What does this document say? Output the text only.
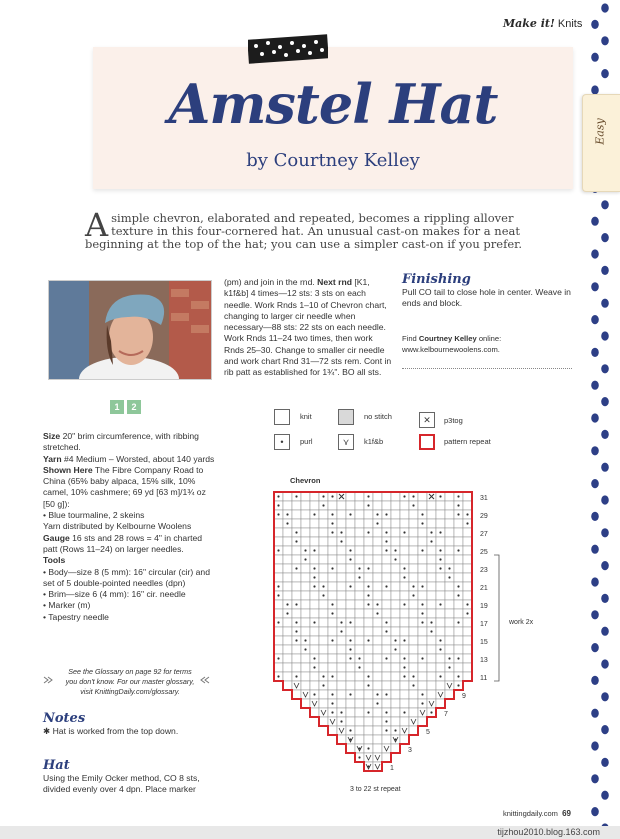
Make it! Knits
Easy
Amstel Hat
by Courtney Kelley
A simple chevron, elaborated and repeated, becomes a rippling allover texture in this four-cornered hat. An unusual cast-on makes for a neat beginning at the top of the hat; you can use a simpler cast-on if you prefer.
(pm) and join in the rnd. Next rnd [K1, k1f&b] 4 times—12 sts: 3 sts on each needle. Work Rnds 1–10 of Chevron chart, changing to larger cir needle when necessary—88 sts: 22 sts on each needle. Work Rnds 11–24 two times, then work Rnds 25–30. Change to smaller cir needle and work chart Rnd 31—72 sts rem. Cont in rib patt as established for 1¾". BO all sts.
Finishing
Pull CO tail to close hole in center. Weave in ends and block.
Find Courtney Kelley online:
www.kelbournewoolens.com.
1	2

Size 20" brim circumference, with ribbing stretched.

Yarn #4 Medium – Worsted, about 140 yards

Shown Here The Fibre Company Road to China (65% baby alpaca, 15% silk, 10% camel, 10% cashmere; 69 yd [63 m]/1¾ oz [50 g]):

• Blue tourmaline, 2 skeins

Yarn distributed by Kelbourne Woolens

Gauge 16 sts and 28 rows = 4" in charted patt (Rows 11–24) on larger needles.

Tools

• Body—size 8 (5 mm): 16" circular (cir) and set of 5 double-pointed needles (dpn)

• Brim—size 6 (4 mm): 16" cir. needle

• Marker (m)

• Tapestry needle

See the Glossary on page 92 for terms
you don't know. For our master glossary,
visit KnittingDaily.com/glossary.
Notes
✱ Hat is worked from the top down.
Hat
Using the Emily Ocker method, CO 8 sts, divided evenly over 4 dpn. Place marker
knit	no stitch	✕	p3tog
•	purl	⋎	k1f&b	pattern repeat
Chevron
1
3
5
7
9
11
13
15
17
19
21
23
25
27
29
31
3 to 22 st repeat
work 2x
knittingdaily.com 69
tijzhou2010.blog.163.com
